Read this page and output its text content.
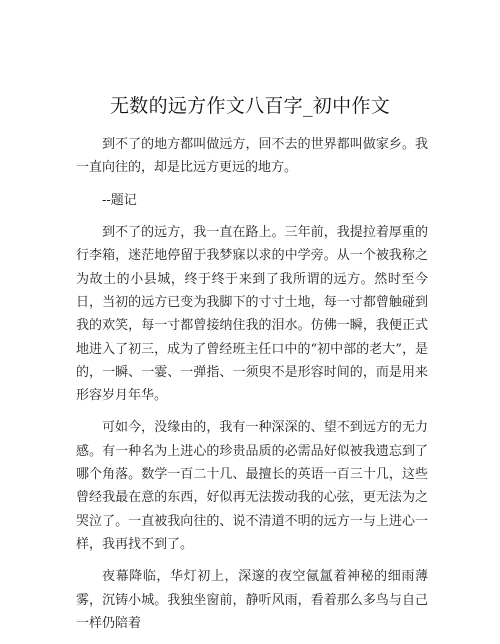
无数的远方作文八百字_初中作文

到不了的地方都叫做远方，回不去的世界都叫做家乡。我一直向往的，却是比远方更远的地方。

--题记

到不了的远方，我一直在路上。三年前，我提拉着厚重的行李箱，迷茫地停留于我梦寐以求的中学旁。从一个被我称之为故土的小县城，终于终于来到了我所谓的远方。然时至今日，当初的远方已变为我脚下的寸寸土地，每一寸都曾触碰到我的欢笑，每一寸都曾接纳住我的泪水。仿佛一瞬，我便正式地进入了初三，成为了曾经班主任口中的“初中部的老大”，是的，一瞬、一霎、一弹指、一须臾不是形容时间的，而是用来形容岁月年华。

可如今，没缘由的，我有一种深深的、望不到远方的无力感。有一种名为上进心的珍贵品质的必需品好似被我遗忘到了哪个角落。数学一百二十几、最擅长的英语一百三十几，这些曾经我最在意的东西，好似再无法拨动我的心弦，更无法为之哭泣了。一直被我向往的、说不清道不明的远方一与上进心一样，我再找不到了。

夜幕降临，华灯初上，深邃的夜空氤氲着神秘的细雨薄雾，沉铸小城。我独坐窗前，静听风雨，看着那么多鸟与自己一样仍陪着
